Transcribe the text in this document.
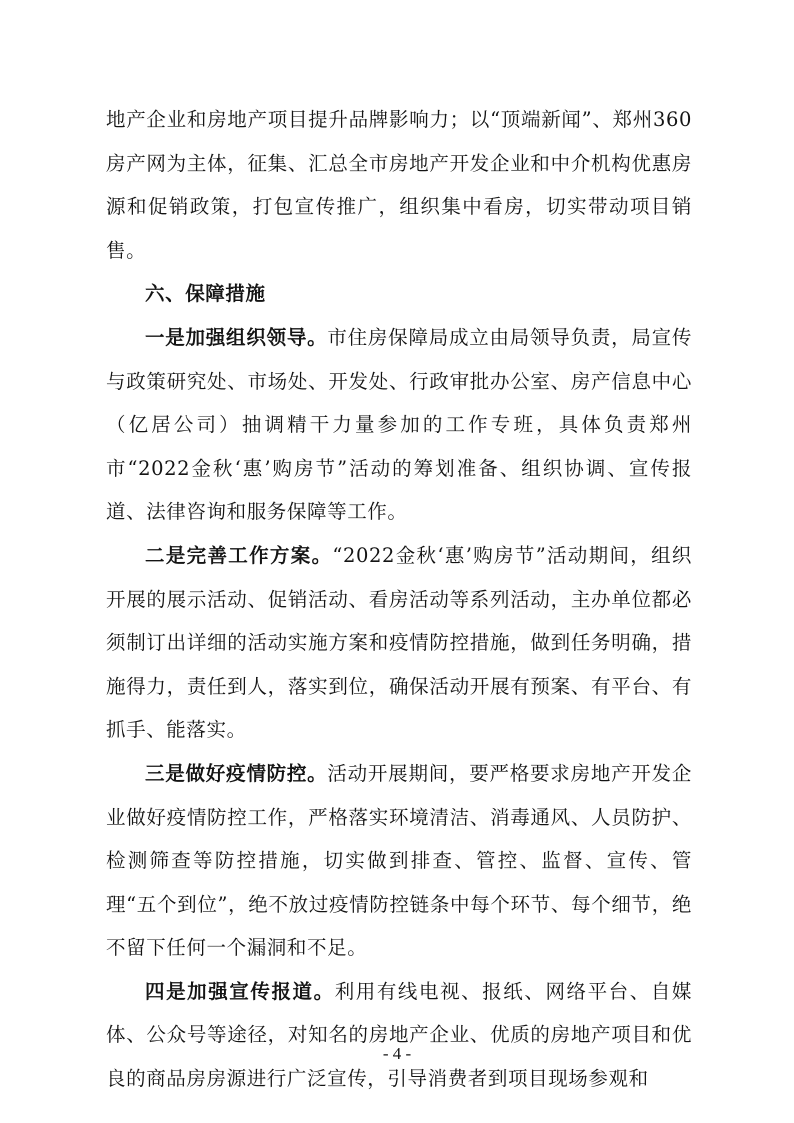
地产企业和房地产项目提升品牌影响力；以“顶端新闻”、郑州360房产网为主体，征集、汇总全市房地产开发企业和中介机构优惠房源和促销政策，打包宣传推广，组织集中看房，切实带动项目销售。

六、保障措施

一是加强组织领导。市住房保障局成立由局领导负责，局宣传与政策研究处、市场处、开发处、行政审批办公室、房产信息中心（亿居公司）抽调精干力量参加的工作专班，具体负责郑州市“2022金秋‘惠’购房节”活动的筹划准备、组织协调、宣传报道、法律咨询和服务保障等工作。

二是完善工作方案。“2022金秋‘惠’购房节”活动期间，组织开展的展示活动、促销活动、看房活动等系列活动，主办单位都必须制订出详细的活动实施方案和疫情防控措施，做到任务明确，措施得力，责任到人，落实到位，确保活动开展有预案、有平台、有抓手、能落实。

三是做好疫情防控。活动开展期间，要严格要求房地产开发企业做好疫情防控工作，严格落实环境清洁、消毒通风、人员防护、检测筛查等防控措施，切实做到排查、管控、监督、宣传、管理“五个到位”，绝不放过疫情防控链条中每个环节、每个细节，绝不留下任何一个漏洞和不足。

四是加强宣传报道。利用有线电视、报纸、网络平台、自媒体、公众号等途径，对知名的房地产企业、优质的房地产项目和优良的商品房房源进行广泛宣传，引导消费者到项目现场参观和

- 4 -
